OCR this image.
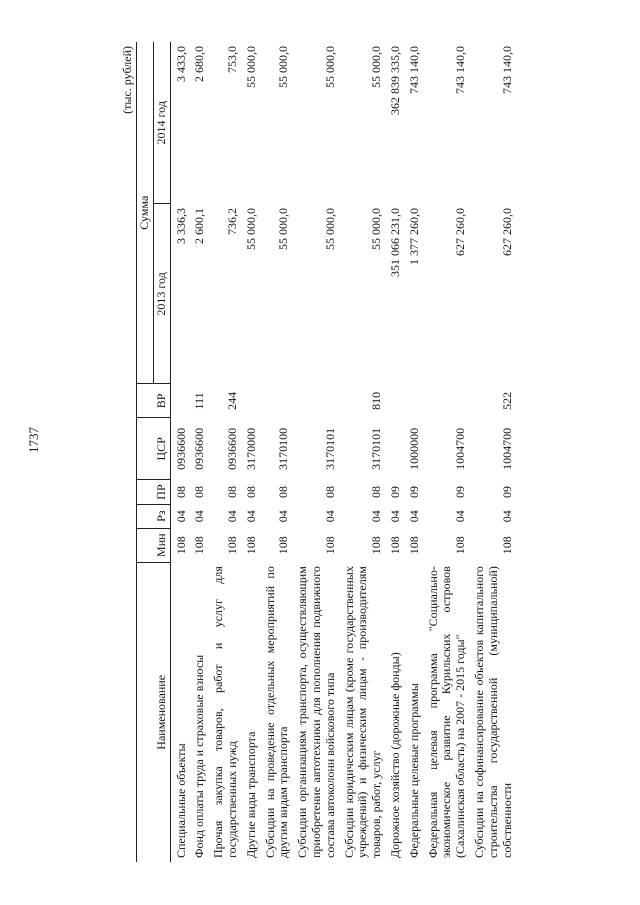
1737
(тыс. рублей)
Наименование	Мин	Рз	ПР	ЦСР	ВР	Сумма	
						2013 год	2014 год
Специальные объекты	108	04	08	0936600		3 336,3	3 433,0
Фонд оплаты труда и страховые взносы	108	04	08	0936600	111	2 600,1	2 680,0
Прочая закупка товаров, работ и услуг для государственных нужд	108	04	08	0936600	244	736,2	753,0
Другие виды транспорта	108	04	08	3170000		55 000,0	55 000,0
Субсидии на проведение отдельных мероприятий по другим видам транспорта	108	04	08	3170100		55 000,0	55 000,0
Субсидии организациям транспорта, осуществляющим приобретение автотехники для пополнения подвижного состава автоколонн войскового типа	108	04	08	3170101		55 000,0	55 000,0
Субсидии юридическим лицам (кроме государственных учреждений) и физическим лицам - производителям товаров, работ, услуг	108	04	08	3170101	810	55 000,0	55 000,0
Дорожное хозяйство (дорожные фонды)	108	04	09			351 066 231,0	362 839 335,0
Федеральные целевые программы	108	04	09	1000000		1 377 260,0	743 140,0
Федеральная целевая программа "Социально-экономическое развитие Курильских островов (Сахалинская область) на 2007 - 2015 годы"	108	04	09	1004700		627 260,0	743 140,0
Субсидии на софинансирование объектов капитального строительства государственной (муниципальной) собственности	108	04	09	1004700	522	627 260,0	743 140,0
